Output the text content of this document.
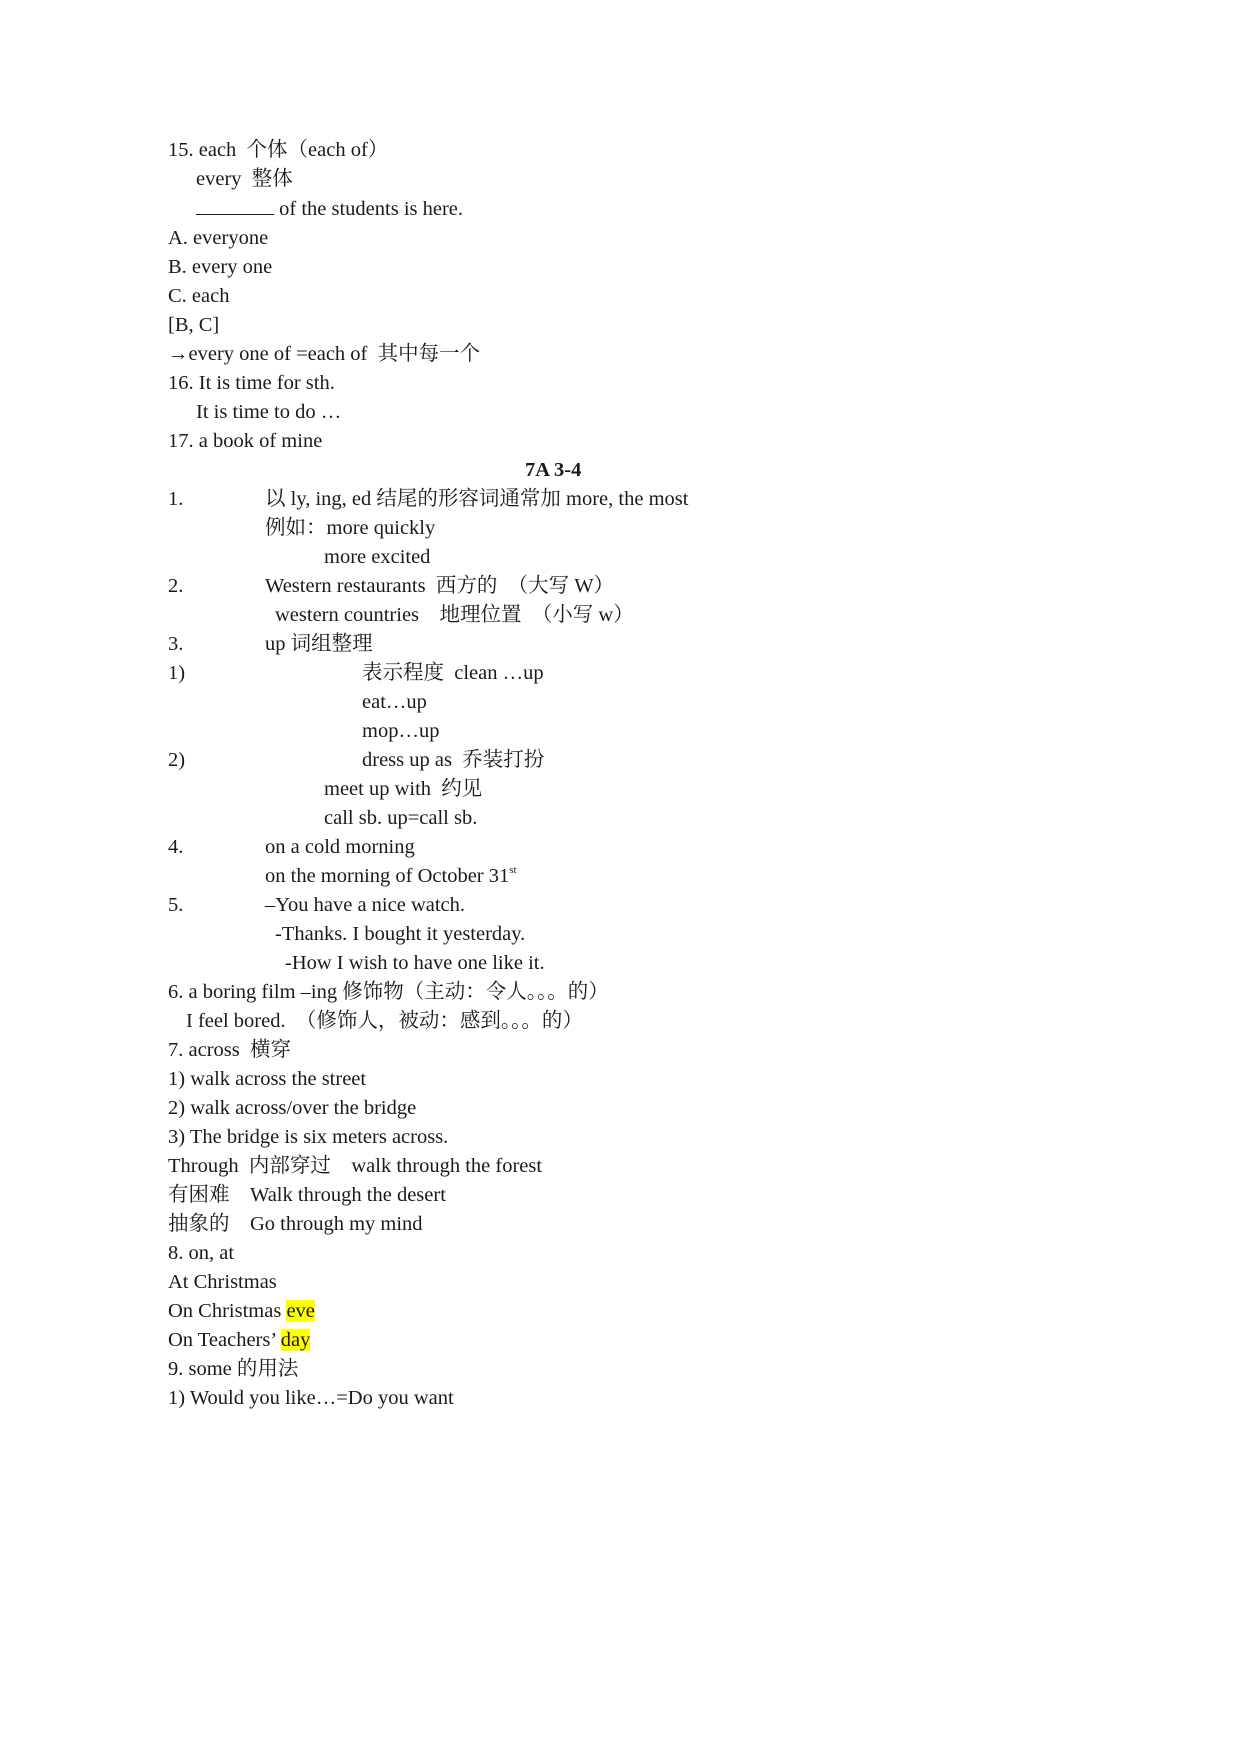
15. each  个体（each of）
every  整体
of the students is here.
A. everyone
B. every one
C. each
[B, C]
→every one of =each of  其中每一个
16. It is time for sth.
It is time to do …
17. a book of mine
7A 3-4
1.	以 ly, ing, ed 结尾的形容词通常加 more, the most
例如：more quickly
more excited
2.	Western restaurants  西方的  （大写 W）
western countries    地理位置  （小写 w）
3.	up 词组整理
1)	表示程度  clean …up
eat…up
mop…up
2)	dress up as  乔装打扮
meet up with  约见
call sb. up=call sb.
4.	on a cold morning
on the morning of October 31st
5.	–You have a nice watch.
-Thanks. I bought it yesterday.
-How I wish to have one like it.
6. a boring film –ing 修饰物（主动：令人。。。的）
I feel bored.  （修饰人，被动：感到。。。的）
7. across  横穿
1) walk across the street
2) walk across/over the bridge
3) The bridge is six meters across.
Through  内部穿过    walk through the forest
有困难    Walk through the desert
抽象的    Go through my mind
8. on, at
At Christmas
On Christmas eve
On Teachers’ day
9. some 的用法
1) Would you like…=Do you want
